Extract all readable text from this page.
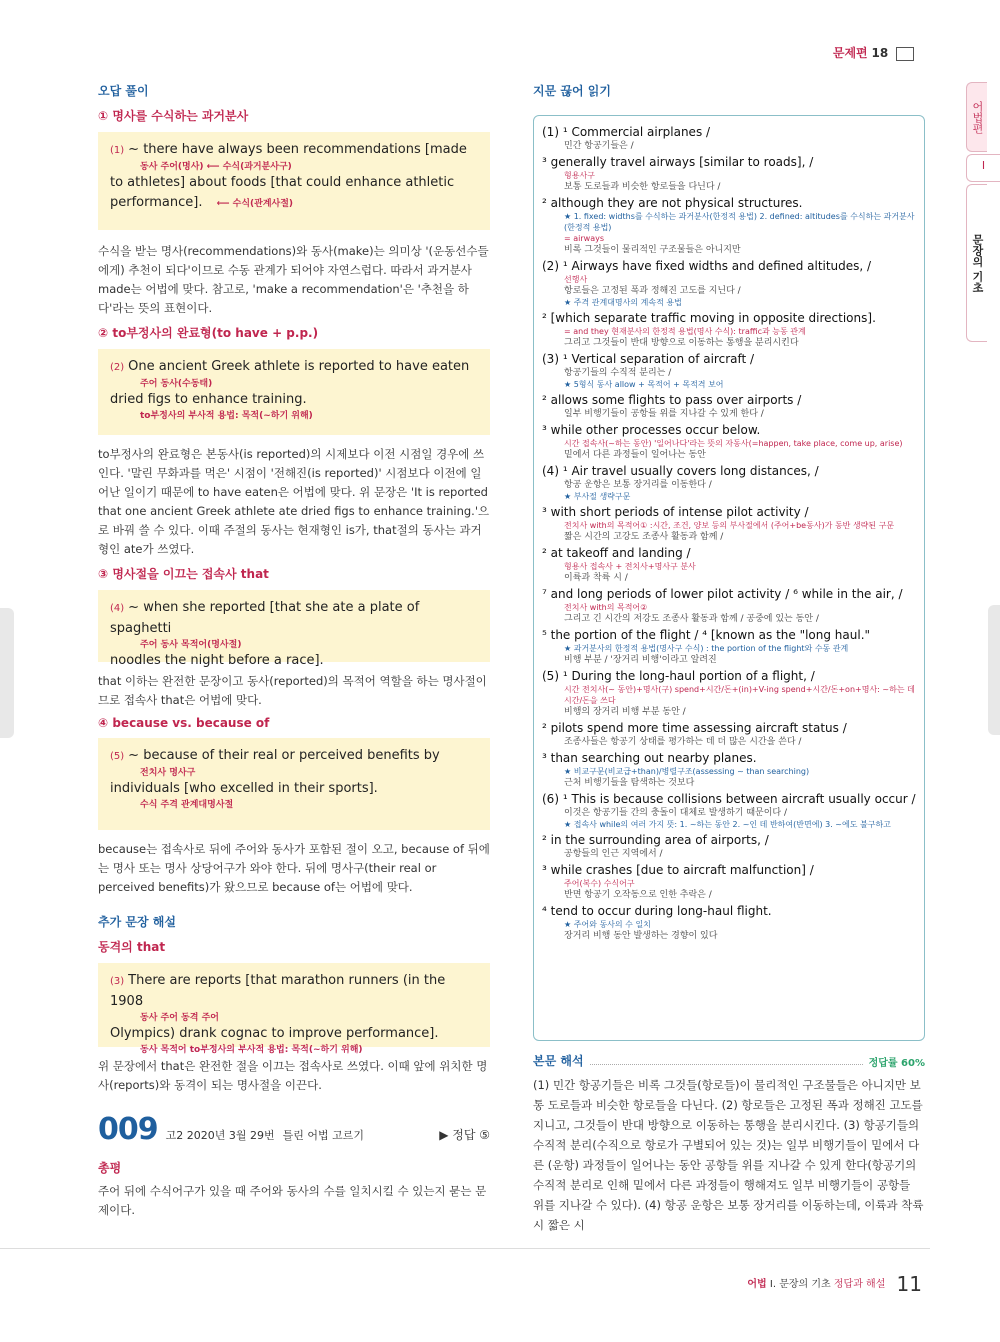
문제편 18
오답 풀이
① 명사를 수식하는 과거분사
(1) ~ there have always been recommendations [made
동사 주어(명사) ⟵ 수식(과거분사구)
to athletes] about foods [that could enhance athletic
performance]. ⟵ 수식(관계사절)
수식을 받는 명사(recommendations)와 동사(make)는 의미상 '(운동선수들에게) 추천이 되다'이므로 수동 관계가 되어야 자연스럽다. 따라서 과거분사 made는 어법에 맞다. 참고로, 'make a recommendation'은 '추천을 하다'라는 뜻의 표현이다.
② to부정사의 완료형(to have + p.p.)
(2) One ancient Greek athlete is reported to have eaten
주어 동사(수동태)
dried figs to enhance training.
to부정사의 부사적 용법: 목적(~하기 위해)
to부정사의 완료형은 본동사(is reported)의 시제보다 이전 시점일 경우에 쓰인다. '말린 무화과를 먹은' 시점이 '전해진(is reported)' 시점보다 이전에 일어난 일이기 때문에 to have eaten은 어법에 맞다. 위 문장은 'It is reported that one ancient Greek athlete ate dried figs to enhance training.'으로 바꿔 쓸 수 있다. 이때 주절의 동사는 현재형인 is가, that절의 동사는 과거형인 ate가 쓰였다.
③ 명사절을 이끄는 접속사 that
(4) ~ when she reported [that she ate a plate of spaghetti
주어 동사 목적어(명사절)
noodles the night before a race].
that 이하는 완전한 문장이고 동사(reported)의 목적어 역할을 하는 명사절이므로 접속사 that은 어법에 맞다.
④ because vs. because of
(5) ~ because of their real or perceived benefits by
전치사 명사구
individuals [who excelled in their sports].
수식 주격 관계대명사절
because는 접속사로 뒤에 주어와 동사가 포함된 절이 오고, because of 뒤에는 명사 또는 명사 상당어구가 와야 한다. 뒤에 명사구(their real or perceived benefits)가 왔으므로 because of는 어법에 맞다.
추가 문장 해설
동격의 that
(3) There are reports [that marathon runners (in the 1908
동사 주어 동격 주어
Olympics) drank cognac to improve performance].
동사 목적어 to부정사의 부사적 용법: 목적(~하기 위해)
위 문장에서 that은 완전한 절을 이끄는 접속사로 쓰였다. 이때 앞에 위치한 명사(reports)와 동격이 되는 명사절을 이끈다.
009 고2 2020년 3월 29번 틀린 어법 고르기	▶ 정답 ⑤
총평
주어 뒤에 수식어구가 있을 때 주어와 동사의 수를 일치시킬 수 있는지 묻는 문제이다.
지문 끊어 읽기
(1) ¹ Commercial airplanes /
민간 항공기들은 /
³ generally travel airways [similar to roads], /
형용사구
보통 도로들과 비슷한 항로들을 다닌다 /
² although they are not physical structures.
★ 1. fixed: widths를 수식하는 과거분사(한정적 용법) 2. defined: altitudes를 수식하는 과거분사(한정적 용법)
= airways
비록 그것들이 물리적인 구조물들은 아니지만
(2) ¹ Airways have fixed widths and defined altitudes, /
선행사
항로들은 고정된 폭과 정해진 고도를 지닌다 /
★ 주격 관계대명사의 계속적 용법
² [which separate traffic moving in opposite directions].
= and they 현재분사의 한정적 용법(명사 수식): traffic과 능동 관계
그리고 그것들이 반대 방향으로 이동하는 통행을 분리시킨다
(3) ¹ Vertical separation of aircraft /
항공기들의 수직적 분리는 /
★ 5형식 동사 allow + 목적어 + 목적격 보어
² allows some flights to pass over airports /
일부 비행기들이 공항들 위를 지나갈 수 있게 한다 /
³ while other processes occur below.
시간 접속사(~하는 동안) '일어나다'라는 뜻의 자동사(=happen, take place, come up, arise)
밑에서 다른 과정들이 일어나는 동안
(4) ¹ Air travel usually covers long distances, /
항공 운항은 보통 장거리를 이동한다 /
★ 부사절 생략구문
³ with short periods of intense pilot activity /
전치사 with의 목적어① :시간, 조건, 양보 등의 부사절에서 (주어+be동사)가 동반 생략된 구문
짧은 시간의 고강도 조종사 활동과 함께 /
² at takeoff and landing /
형용사 접속사 + 전치사+명사구 분사
이륙과 착륙 시 /
⁷ and long periods of lower pilot activity / ⁶ while in the air, /
전치사 with의 목적어②
그리고 긴 시간의 저강도 조종사 활동과 함께 / 공중에 있는 동안 /
⁵ the portion of the flight / ⁴ [known as the "long haul."
★ 과거분사의 한정적 용법(명사구 수식) : the portion of the flight와 수동 관계
비행 부분 / '장거리 비행'이라고 알려진
(5) ¹ During the long-haul portion of a flight, /
시간 전치사(~ 동안)+명사(구) spend+시간/돈+(in)+V-ing spend+시간/돈+on+명사: ~하는 데 시간/돈을 쓰다
비행의 장거리 비행 부분 동안 /
² pilots spend more time assessing aircraft status /
조종사들은 항공기 상태를 평가하는 데 더 많은 시간을 쓴다 /
³ than searching out nearby planes.
★ 비교구문(비교급+than)/병렬구조(assessing ~ than searching)
근처 비행기들을 탐색하는 것보다
(6) ¹ This is because collisions between aircraft usually occur /
이것은 항공기들 간의 충돌이 대체로 발생하기 때문이다 /
★ 접속사 while의 여러 가지 뜻: 1. ~하는 동안 2. ~인 데 반하여(반면에) 3. ~에도 불구하고
² in the surrounding area of airports, /
공항들의 인근 지역에서 /
³ while crashes [due to aircraft malfunction] /
주어(복수) 수식어구
반면 항공기 오작동으로 인한 추락은 /
⁴ tend to occur during long-haul flight.
★ 주어와 동사의 수 일치
장거리 비행 동안 발생하는 경향이 있다
본문 해석	정답률 60%
(1) 민간 항공기들은 비록 그것들(항로들)이 물리적인 구조물들은 아니지만 보통 도로들과 비슷한 항로들을 다닌다. (2) 항로들은 고정된 폭과 정해진 고도를 지니고, 그것들이 반대 방향으로 이동하는 통행을 분리시킨다. (3) 항공기들의 수직적 분리(수직으로 항로가 구별되어 있는 것)는 일부 비행기들이 밑에서 다른 (운항) 과정들이 일어나는 동안 공항들 위를 지나갈 수 있게 한다(항공기의 수직적 분리로 인해 밑에서 다른 과정들이 행해져도 일부 비행기들이 공항들 위를 지나갈 수 있다). (4) 항공 운항은 보통 장거리를 이동하는데, 이륙과 착륙 시 짧은 시
어법편
I
문장의 기초
어법 I. 문장의 기초 정답과 해설 11
